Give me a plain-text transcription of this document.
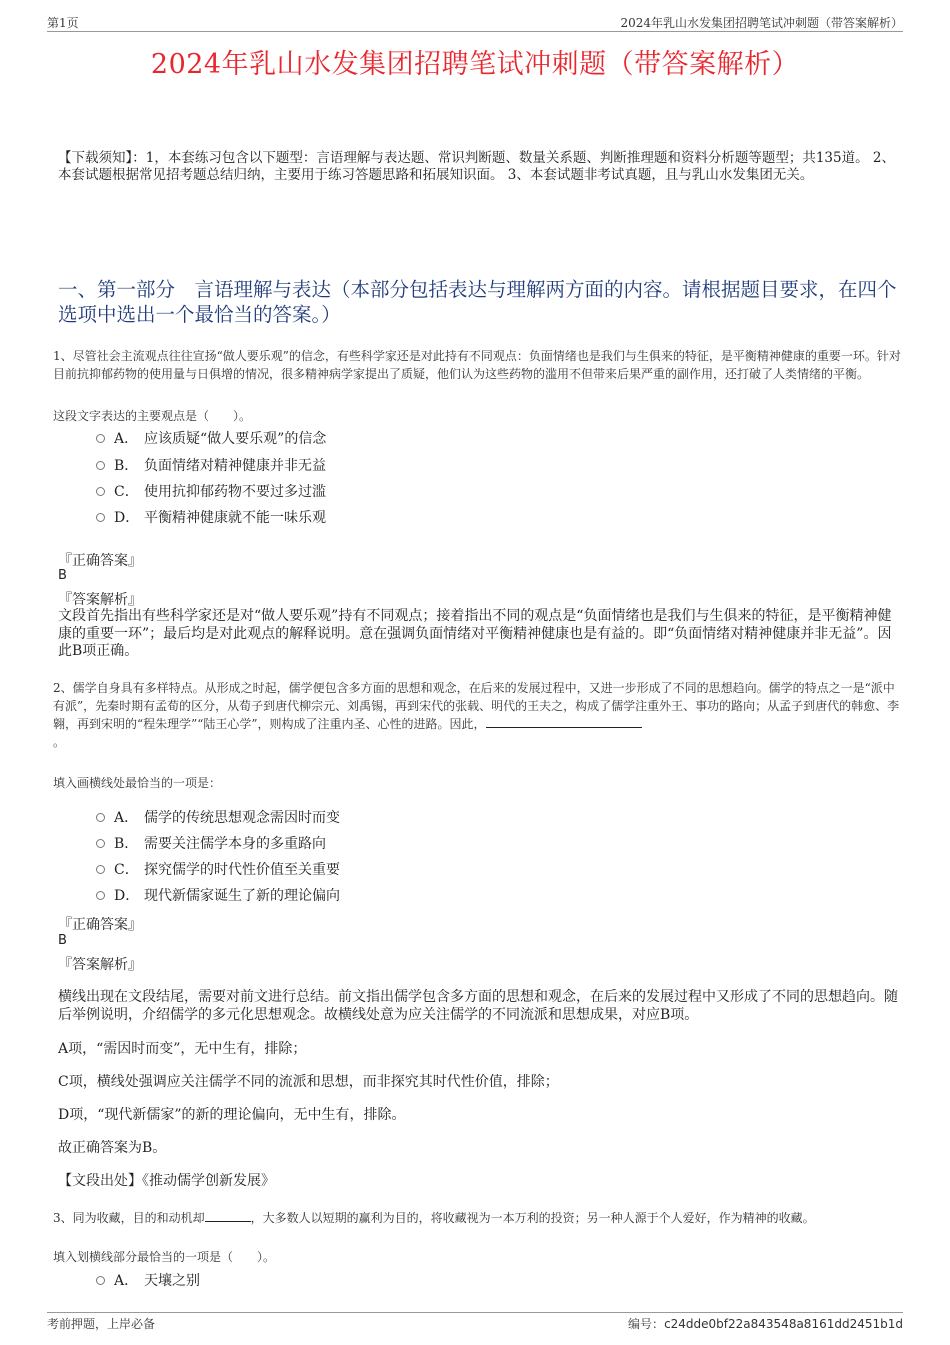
第1页	2024年乳山水发集团招聘笔试冲刺题（带答案解析）
2024年乳山水发集团招聘笔试冲刺题（带答案解析）
【下载须知】：1，本套练习包含以下题型：言语理解与表达题、常识判断题、数量关系题、判断推理题和资料分析题等题型；共135道。 2、本套试题根据常见招考题总结归纳，主要用于练习答题思路和拓展知识面。 3、本套试题非考试真题，且与乳山水发集团无关。
一、第一部分　言语理解与表达（本部分包括表达与理解两方面的内容。请根据题目要求，在四个选项中选出一个最恰当的答案。）
1、尽管社会主流观点往往宣扬“做人要乐观”的信念，有些科学家还是对此持有不同观点：负面情绪也是我们与生俱来的特征，是平衡精神健康的重要一环。针对目前抗抑郁药物的使用量与日俱增的情况，很多精神病学家提出了质疑，他们认为这些药物的滥用不但带来后果严重的副作用，还打破了人类情绪的平衡。
这段文字表达的主要观点是（　　）。
A． 应该质疑“做人要乐观”的信念
B． 负面情绪对精神健康并非无益
C． 使用抗抑郁药物不要过多过滥
D． 平衡精神健康就不能一味乐观
『正确答案』
B
『答案解析』
文段首先指出有些科学家还是对“做人要乐观”持有不同观点；接着指出不同的观点是“负面情绪也是我们与生俱来的特征，是平衡精神健康的重要一环”；最后均是对此观点的解释说明。意在强调负面情绪对平衡精神健康也是有益的。即“负面情绪对精神健康并非无益”。因此B项正确。
2、儒学自身具有多样特点。从形成之时起，儒学便包含多方面的思想和观念，在后来的发展过程中，又进一步形成了不同的思想趋向。儒学的特点之一是“派中有派”，先秦时期有孟荀的区分，从荀子到唐代柳宗元、刘禹锡，再到宋代的张载、明代的王夫之，构成了儒学注重外王、事功的路向；从孟子到唐代的韩愈、李翱，再到宋明的“程朱理学”“陆王心学”，则构成了注重内圣、心性的进路。因此，
。
填入画横线处最恰当的一项是：
A． 儒学的传统思想观念需因时而变
B． 需要关注儒学本身的多重路向
C． 探究儒学的时代性价值至关重要
D． 现代新儒家诞生了新的理论偏向
『正确答案』
B
『答案解析』
横线出现在文段结尾，需要对前文进行总结。前文指出儒学包含多方面的思想和观念，在后来的发展过程中又形成了不同的思想趋向。随后举例说明，介绍儒学的多元化思想观念。故横线处意为应关注儒学的不同流派和思想成果，对应B项。
A项，“需因时而变”，无中生有，排除；
C项，横线处强调应关注儒学不同的流派和思想，而非探究其时代性价值，排除；
D项，“现代新儒家”的新的理论偏向，无中生有，排除。
故正确答案为B。
【文段出处】《推动儒学创新发展》
3、同为收藏，目的和动机却	，大多数人以短期的赢利为目的，将收藏视为一本万利的投资；另一种人源于个人爱好，作为精神的收藏。
填入划横线部分最恰当的一项是（　　）。
A． 天壤之别
考前押题，上岸必备	编号：c24dde0bf22a843548a8161dd2451b1d
